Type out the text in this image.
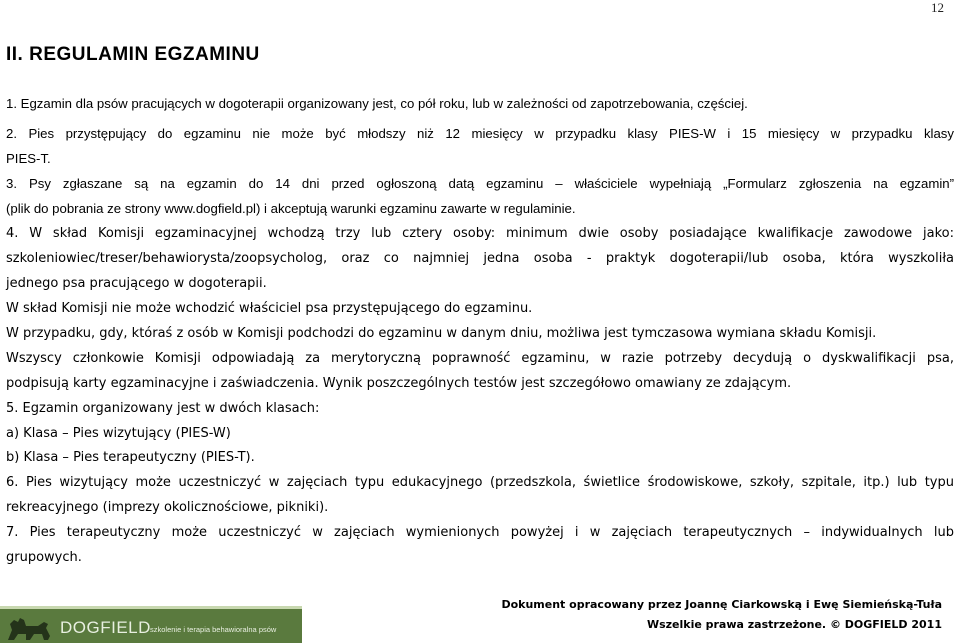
12
II. REGULAMIN EGZAMINU
1. Egzamin dla psów pracujących w dogoterapii organizowany jest, co pół roku, lub w zależności od zapotrzebowania, częściej.
2. Pies przystępujący do egzaminu nie może być młodszy niż 12 miesięcy w przypadku klasy PIES-W i 15 miesięcy w przypadku klasy
PIES-T.
3. Psy zgłaszane są na egzamin do 14 dni przed ogłoszoną datą egzaminu – właściciele wypełniają „Formularz zgłoszenia na egzamin”
(plik do pobrania ze strony www.dogfield.pl) i akceptują warunki egzaminu zawarte w regulaminie.
4. W skład Komisji egzaminacyjnej wchodzą trzy lub cztery osoby: minimum dwie osoby posiadające kwalifikacje zawodowe jako:
szkoleniowiec/treser/behawiorysta/zoopsycholog, oraz co najmniej jedna osoba - praktyk dogoterapii/lub osoba, która wyszkoliła
jednego psa pracującego w dogoterapii.
W skład Komisji nie może wchodzić właściciel psa przystępującego do egzaminu.
W przypadku, gdy, któraś z osób w Komisji podchodzi do egzaminu w danym dniu, możliwa jest tymczasowa wymiana składu Komisji.
Wszyscy członkowie Komisji odpowiadają za merytoryczną poprawność egzaminu, w razie potrzeby decydują o dyskwalifikacji psa,
podpisują karty egzaminacyjne i zaświadczenia. Wynik poszczególnych testów jest szczegółowo omawiany ze zdającym.
5. Egzamin organizowany jest w dwóch klasach:
a) Klasa – Pies wizytujący (PIES-W)
b) Klasa – Pies terapeutyczny (PIES-T).
6. Pies wizytujący może uczestniczyć w zajęciach typu edukacyjnego (przedszkola, świetlice środowiskowe, szkoły, szpitale, itp.) lub typu
rekreacyjnego (imprezy okolicznościowe, pikniki).
7. Pies terapeutyczny może uczestniczyć w zajęciach wymienionych powyżej i w zajęciach terapeutycznych – indywidualnych lub
grupowych.
Dokument opracowany przez Joannę Ciarkowską i Ewę Siemieńską-Tuła
Wszelkie prawa zastrzeżone. © DOGFIELD 2011
DOGFIELD szkolenie i terapia behawioralna psów
